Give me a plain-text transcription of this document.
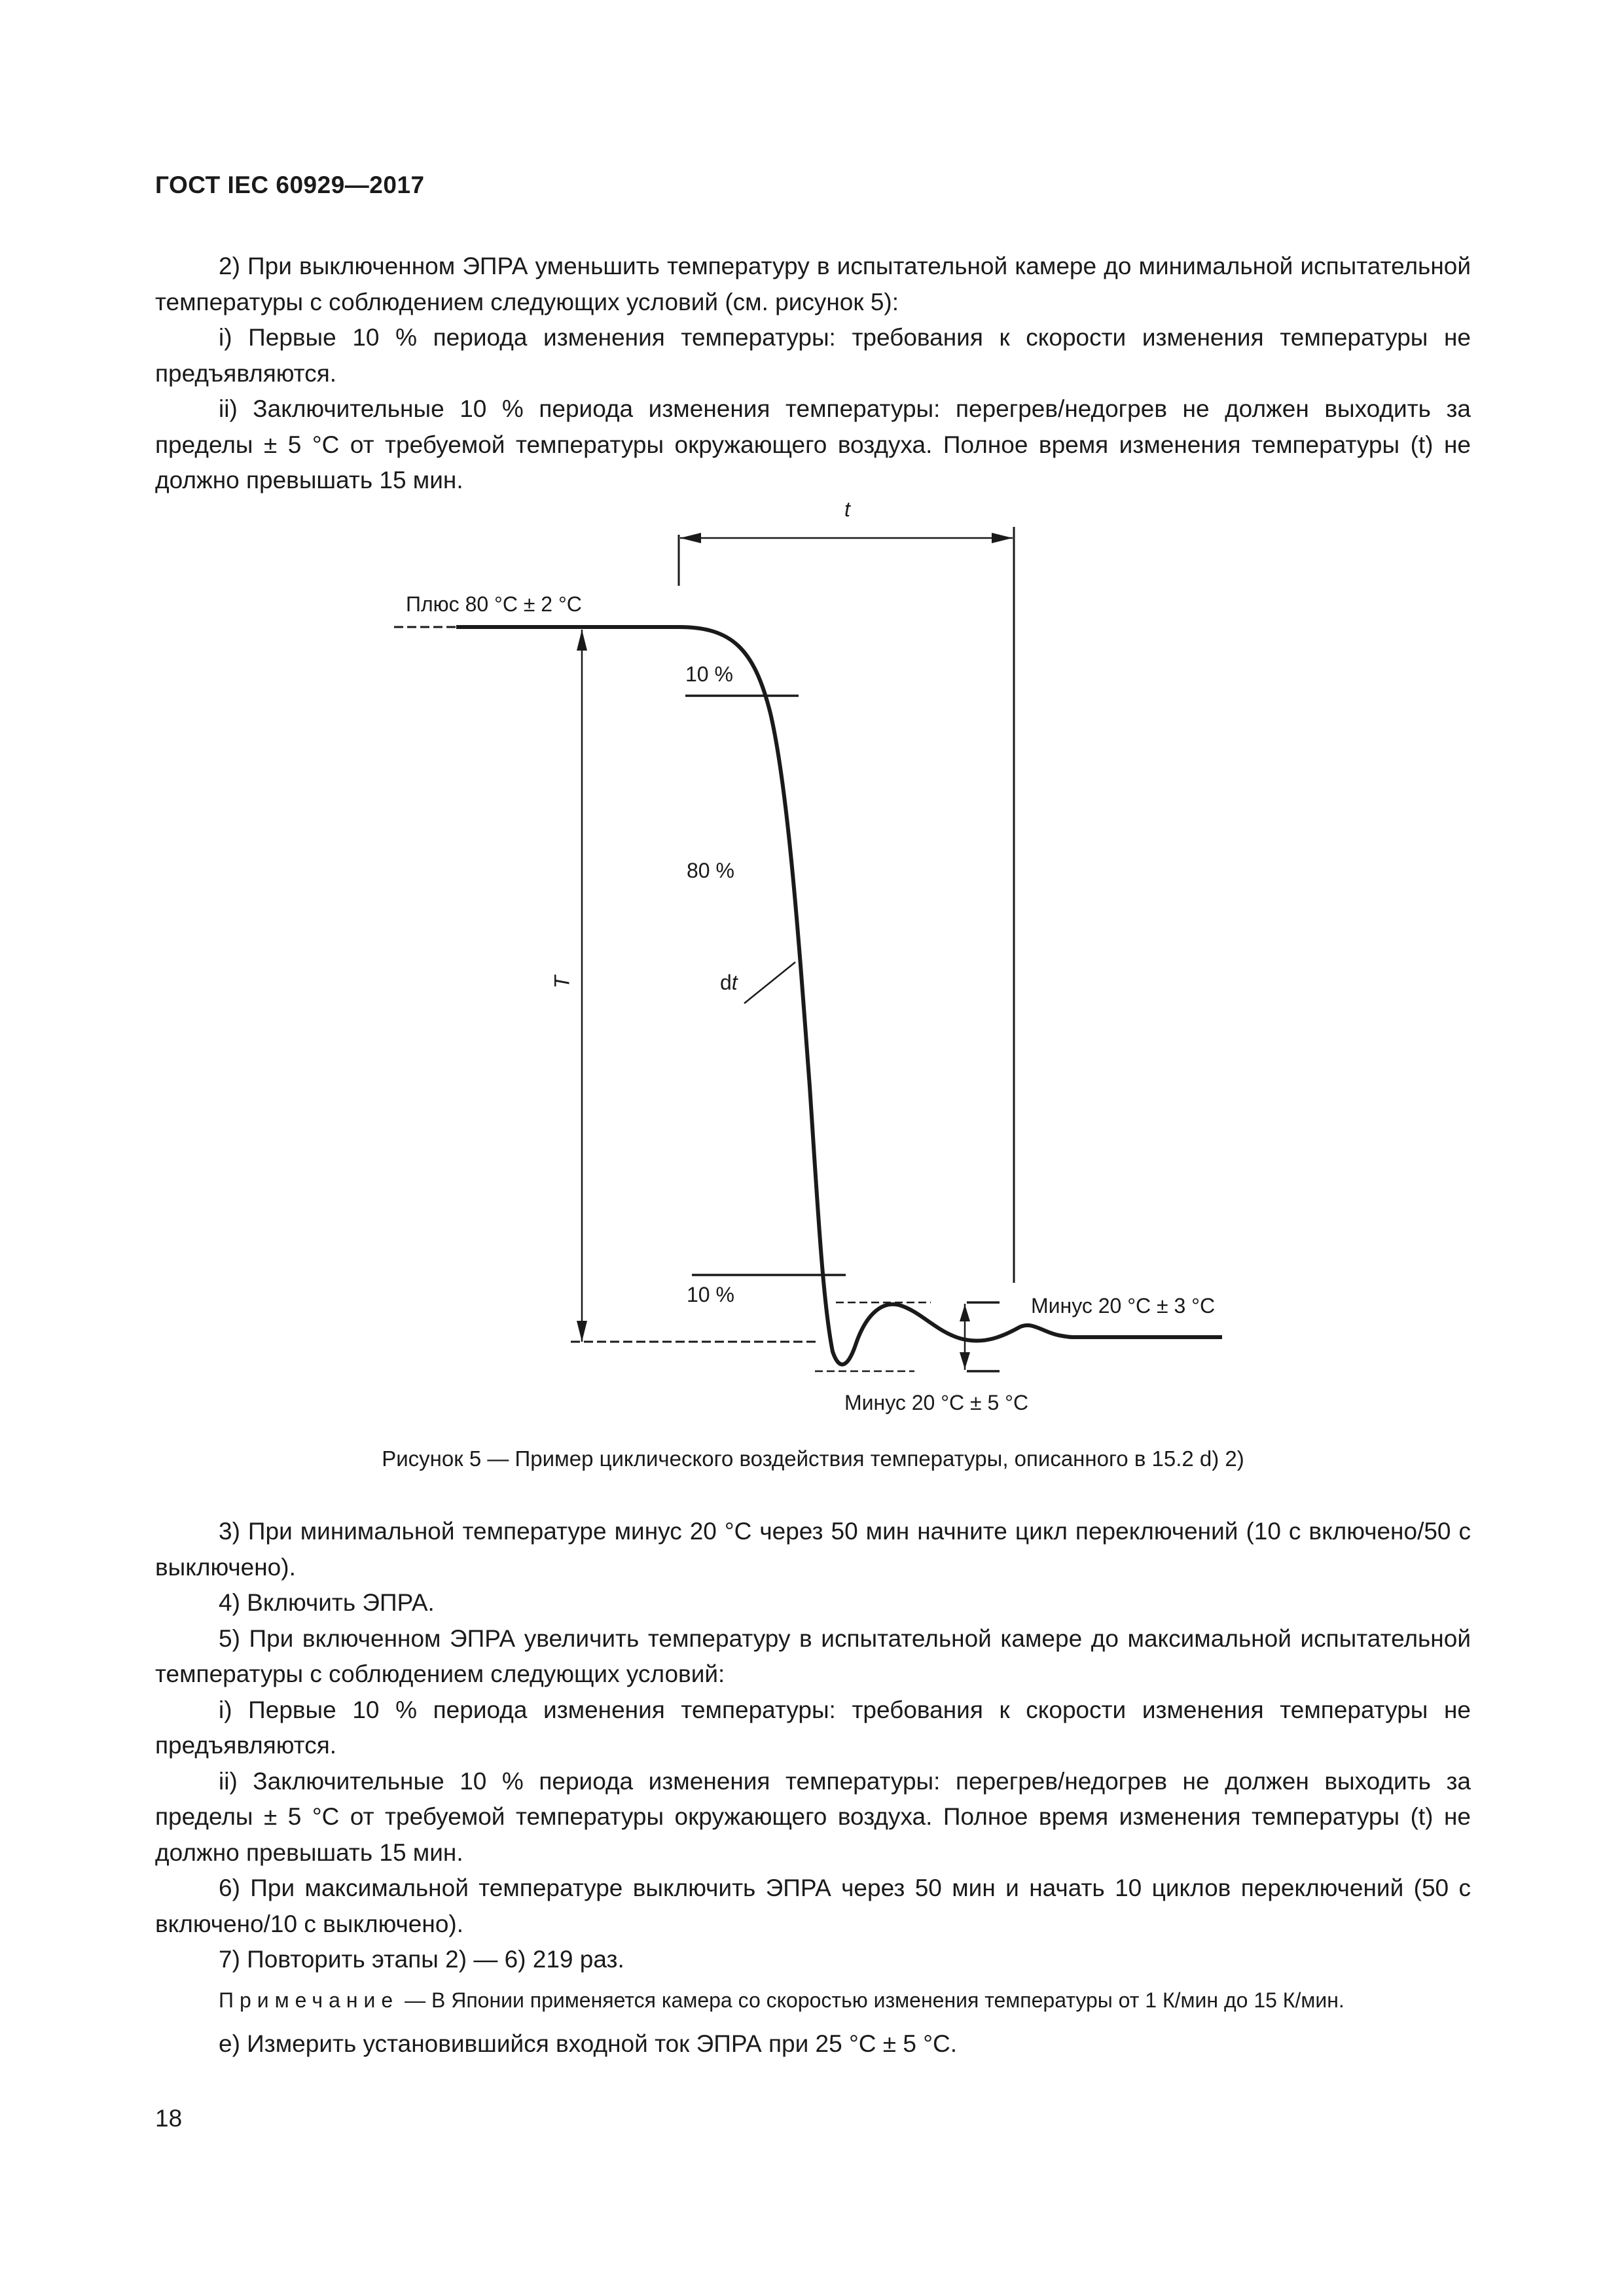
ГОСТ IEC 60929—2017

2) При выключенном ЭПРА уменьшить температуру в испытательной камере до минимальной испытательной температуры с соблюдением следующих условий (см. рисунок 5):

i) Первые 10 % периода изменения температуры: требования к скорости изменения температуры не предъявляются.

ii) Заключительные 10 % периода изменения температуры: перегрев/недогрев не должен выходить за пределы ± 5 °С от требуемой температуры окружающего воздуха. Полное время изменения температуры (t) не должно превышать 15 мин.

t
Плюс 80 °С ± 2 °С
10 %
80 %
dt
T
10 %	Минус 20 °С ± 3 °С
Минус 20 °С ± 5 °С
Рисунок 5 — Пример циклического воздействия температуры, описанного в 15.2 d) 2)

3) При минимальной температуре минус 20 °С через 50 мин начните цикл переключений (10 с включено/50 с выключено).

4) Включить ЭПРА.

5) При включенном ЭПРА увеличить температуру в испытательной камере до максимальной испытательной температуры с соблюдением следующих условий:

i) Первые 10 % периода изменения температуры: требования к скорости изменения температуры не предъявляются.

ii) Заключительные 10 % периода изменения температуры: перегрев/недогрев не должен выходить за пределы ± 5 °С от требуемой температуры окружающего воздуха. Полное время изменения температуры (t) не должно превышать 15 мин.

6) При максимальной температуре выключить ЭПРА через 50 мин и начать 10 циклов переключений (50 с включено/10 с выключено).

7) Повторить этапы 2) — 6) 219 раз.

Примечание — В Японии применяется камера со скоростью изменения температуры от 1 К/мин до 15 К/мин.

е) Измерить установившийся входной ток ЭПРА при 25 °С ± 5 °С.

18
